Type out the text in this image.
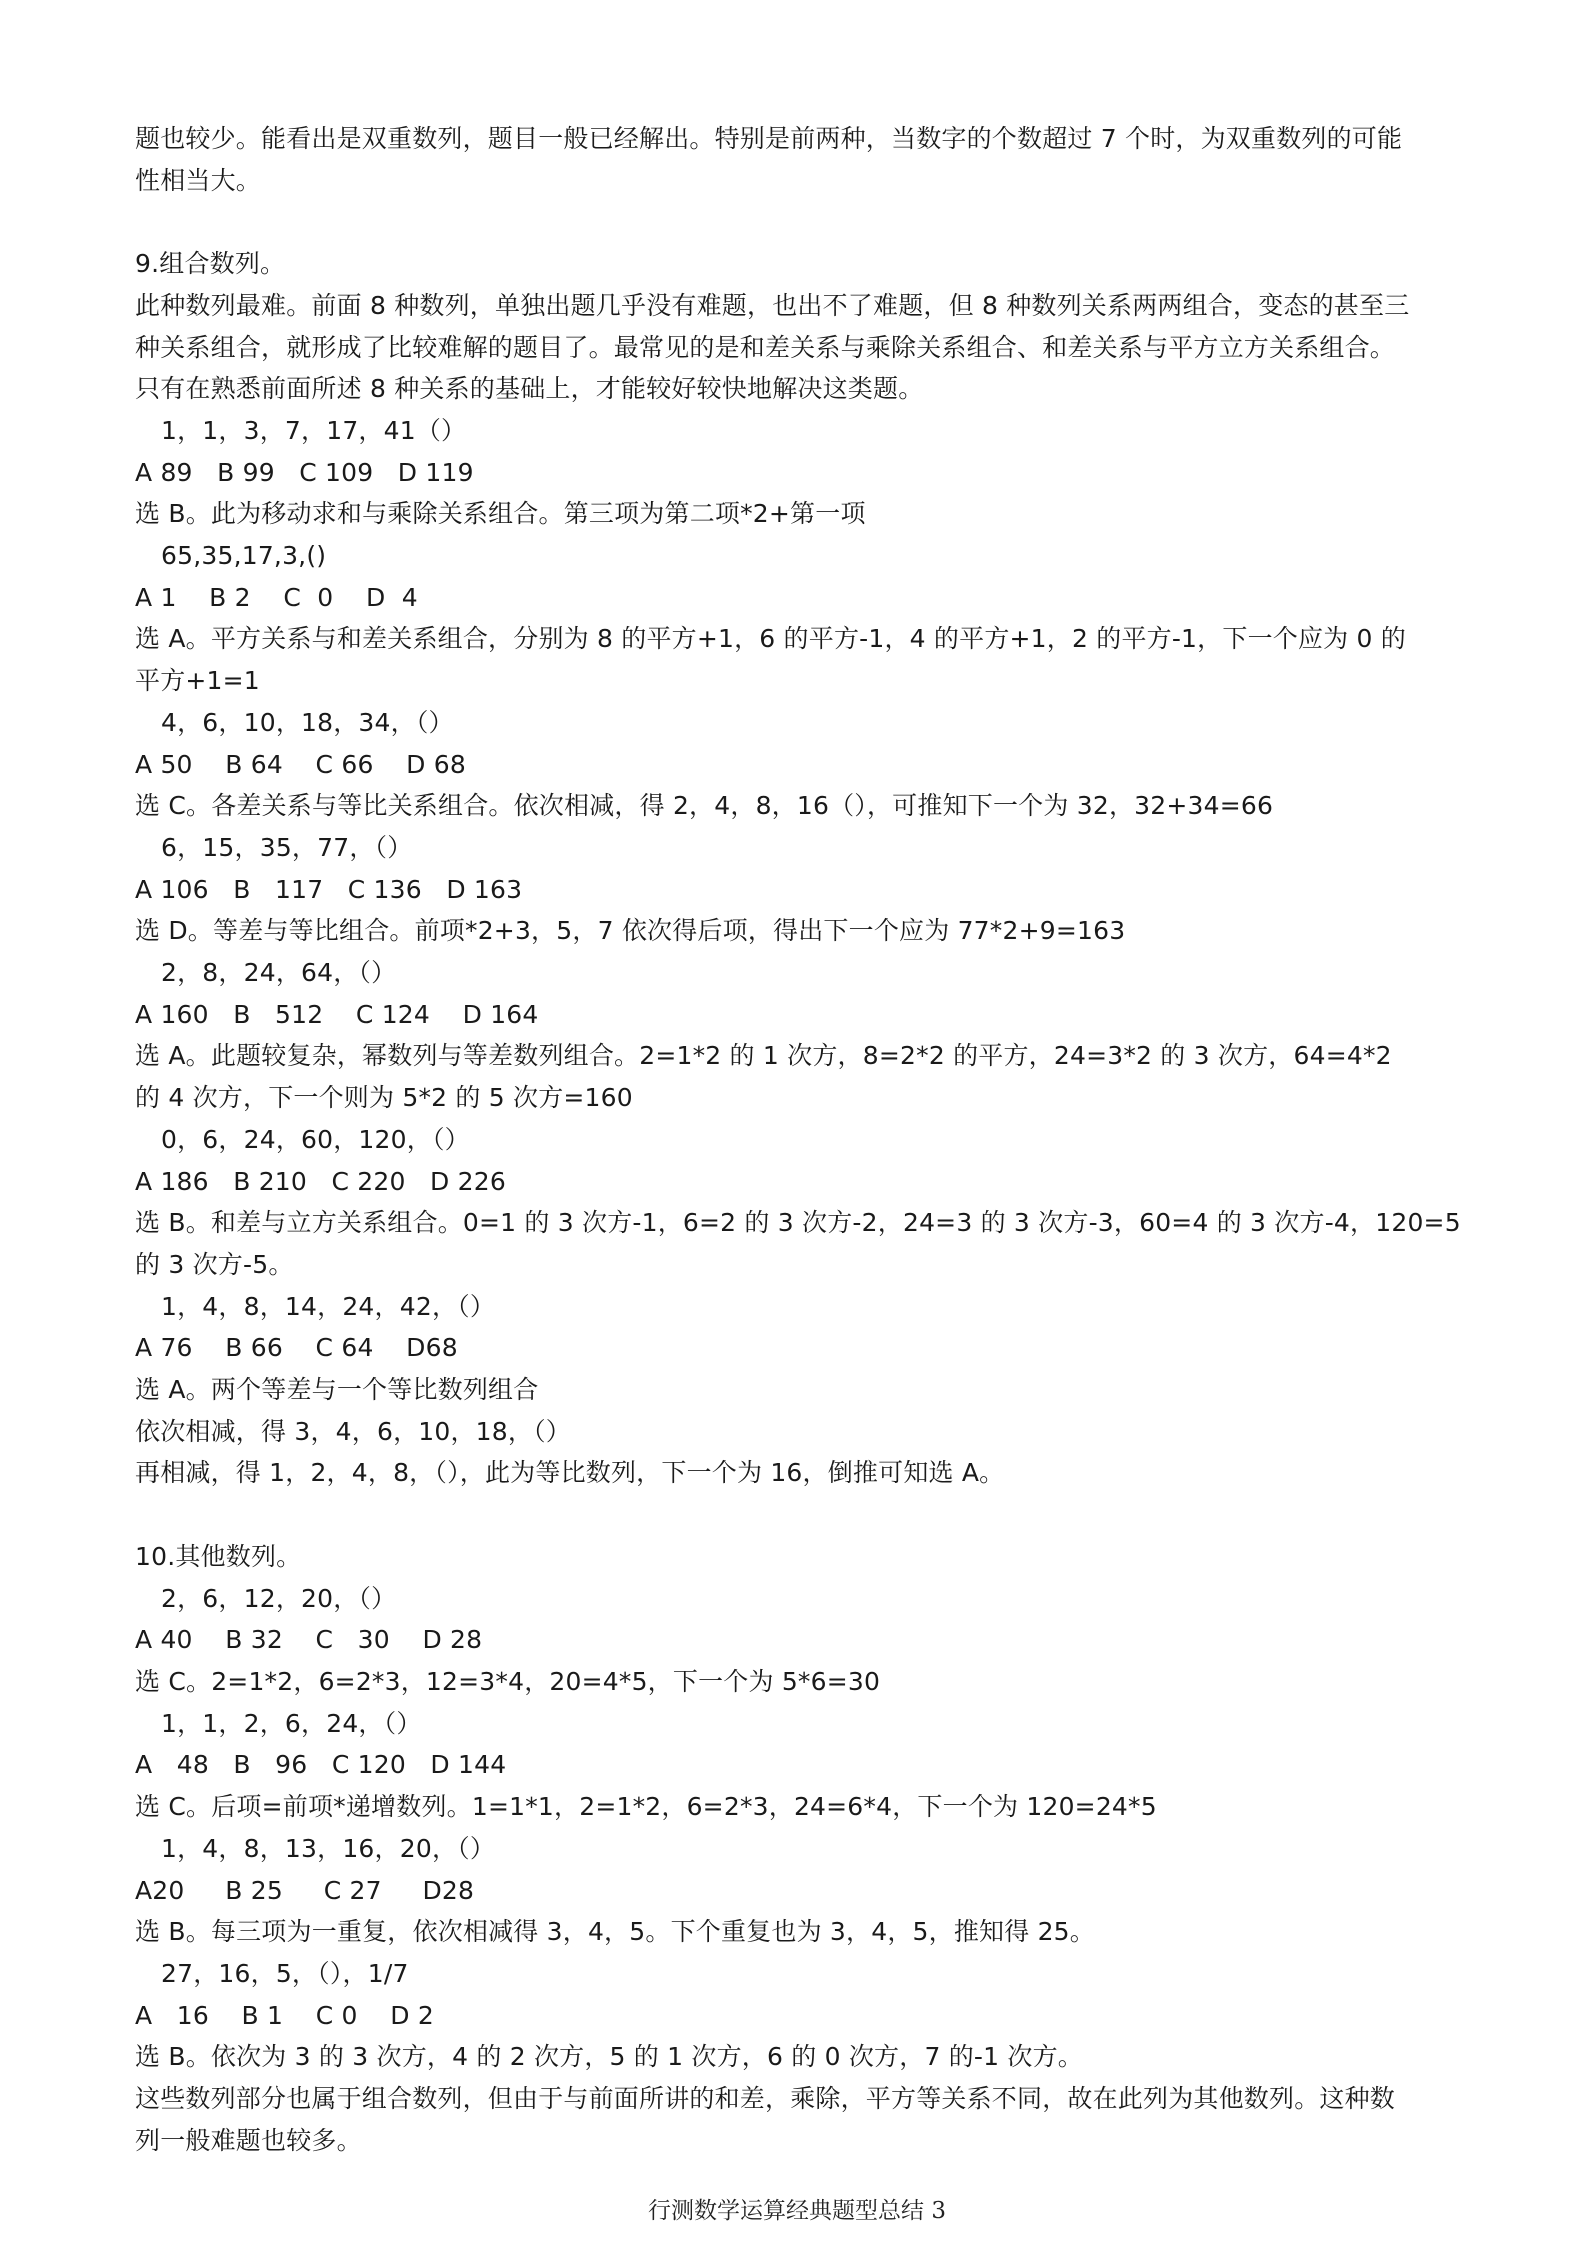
题也较少。能看出是双重数列，题目一般已经解出。特别是前两种，当数字的个数超过 7 个时，为双重数列的可能
性相当大。
9.组合数列。
此种数列最难。前面 8 种数列，单独出题几乎没有难题，也出不了难题，但 8 种数列关系两两组合，变态的甚至三
种关系组合，就形成了比较难解的题目了。最常见的是和差关系与乘除关系组合、和差关系与平方立方关系组合。
只有在熟悉前面所述 8 种关系的基础上，才能较好较快地解决这类题。
1，1，3，7，17，41（）
A 89   B 99   C 109   D 119
选 B。此为移动求和与乘除关系组合。第三项为第二项*2+第一项
65,35,17,3,()
A 1    B 2    C  0    D  4
选 A。平方关系与和差关系组合，分别为 8 的平方+1，6 的平方-1，4 的平方+1，2 的平方-1，下一个应为 0 的
平方+1=1
4，6，10，18，34，（）
A 50    B 64    C 66    D 68
选 C。各差关系与等比关系组合。依次相减，得 2，4，8，16（），可推知下一个为 32，32+34=66
6，15，35，77，（）
A 106   B   117   C 136   D 163
选 D。等差与等比组合。前项*2+3，5，7 依次得后项，得出下一个应为 77*2+9=163
2，8，24，64，（）
A 160   B   512    C 124    D 164
选 A。此题较复杂，幂数列与等差数列组合。2=1*2 的 1 次方，8=2*2 的平方，24=3*2 的 3 次方，64=4*2
的 4 次方，下一个则为 5*2 的 5 次方=160
0，6，24，60，120，（）
A 186   B 210   C 220   D 226
选 B。和差与立方关系组合。0=1 的 3 次方-1，6=2 的 3 次方-2，24=3 的 3 次方-3，60=4 的 3 次方-4，120=5
的 3 次方-5。
1，4，8，14，24，42，（）
A 76    B 66    C 64    D68
选 A。两个等差与一个等比数列组合
依次相减，得 3，4，6，10，18，（）
再相减，得 1，2，4，8，（），此为等比数列，下一个为 16，倒推可知选 A。
10.其他数列。
2，6，12，20，（）
A 40    B 32    C   30    D 28
选 C。2=1*2，6=2*3，12=3*4，20=4*5，下一个为 5*6=30
1，1，2，6，24，（）
A   48   B   96   C 120   D 144
选 C。后项=前项*递增数列。1=1*1，2=1*2，6=2*3，24=6*4，下一个为 120=24*5
1，4，8，13，16，20，（）
A20     B 25     C 27     D28
选 B。每三项为一重复，依次相减得 3，4，5。下个重复也为 3，4，5，推知得 25。
27，16，5，（），1/7
A   16    B 1    C 0    D 2
选 B。依次为 3 的 3 次方，4 的 2 次方，5 的 1 次方，6 的 0 次方，7 的-1 次方。
这些数列部分也属于组合数列，但由于与前面所讲的和差，乘除，平方等关系不同，故在此列为其他数列。这种数
列一般难题也较多。
行测数学运算经典题型总结 3
